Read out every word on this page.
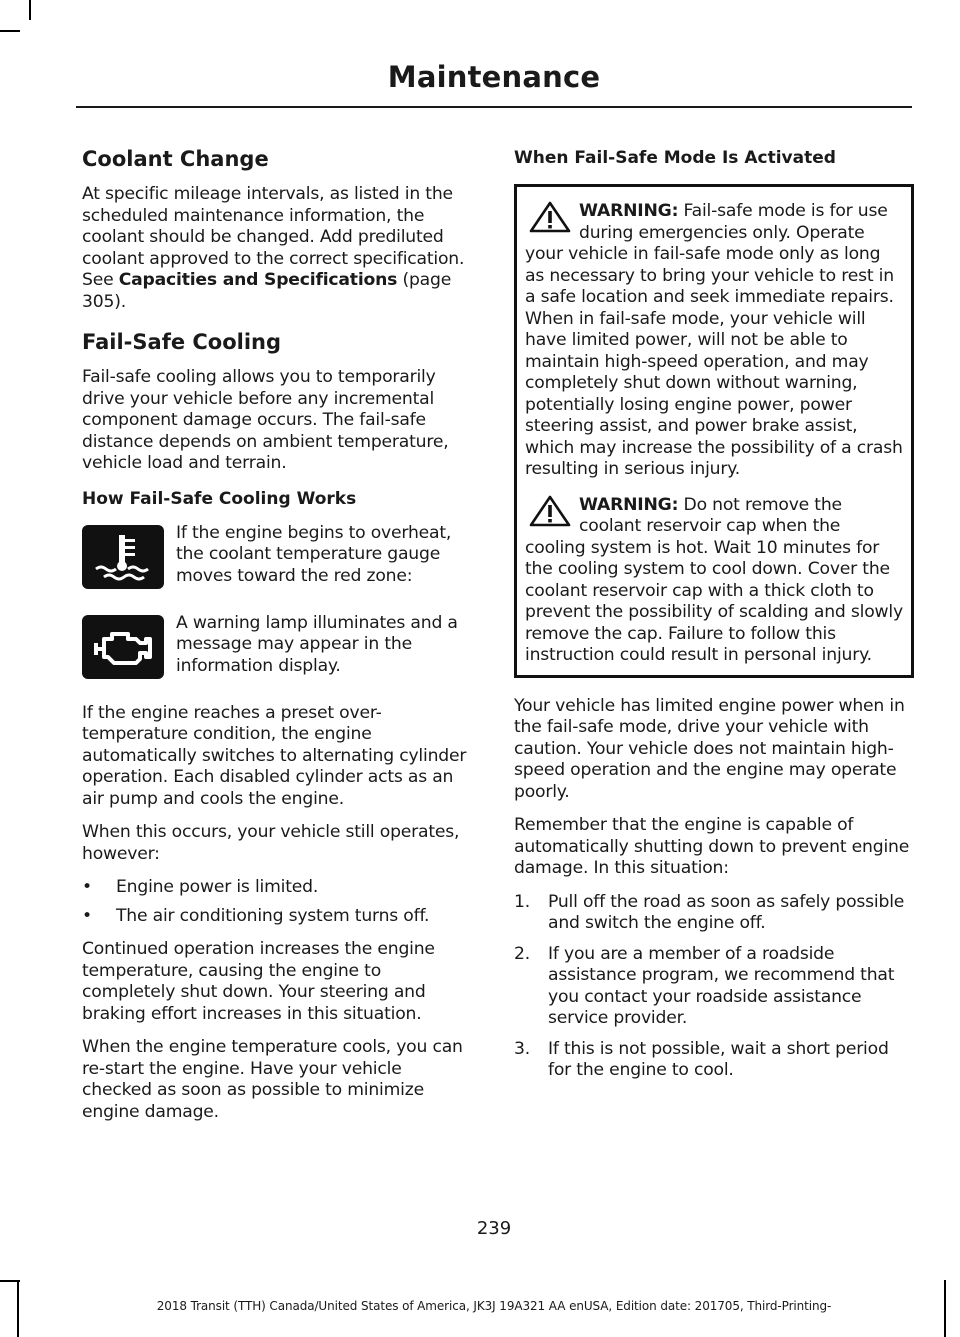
Maintenance
Coolant Change

At specific mileage intervals, as listed in the scheduled maintenance information, the coolant should be changed. Add prediluted coolant approved to the correct specification. See Capacities and Specifications (page 305).

Fail-Safe Cooling

Fail-safe cooling allows you to temporarily drive your vehicle before any incremental component damage occurs. The fail-safe distance depends on ambient temperature, vehicle load and terrain.

How Fail-Safe Cooling Works

If the engine begins to overheat, the coolant temperature gauge moves toward the red zone:

A warning lamp illuminates and a message may appear in the information display.

If the engine reaches a preset over-temperature condition, the engine automatically switches to alternating cylinder operation. Each disabled cylinder acts as an air pump and cools the engine.

When this occurs, your vehicle still operates, however:

• Engine power is limited.
• The air conditioning system turns off.

Continued operation increases the engine temperature, causing the engine to completely shut down. Your steering and braking effort increases in this situation.

When the engine temperature cools, you can re-start the engine. Have your vehicle checked as soon as possible to minimize engine damage.

When Fail-Safe Mode Is Activated

WARNING: Fail-safe mode is for use during emergencies only. Operate your vehicle in fail-safe mode only as long as necessary to bring your vehicle to rest in a safe location and seek immediate repairs. When in fail-safe mode, your vehicle will have limited power, will not be able to maintain high-speed operation, and may completely shut down without warning, potentially losing engine power, power steering assist, and power brake assist, which may increase the possibility of a crash resulting in serious injury.

WARNING: Do not remove the coolant reservoir cap when the cooling system is hot. Wait 10 minutes for the cooling system to cool down. Cover the coolant reservoir cap with a thick cloth to prevent the possibility of scalding and slowly remove the cap. Failure to follow this instruction could result in personal injury.

Your vehicle has limited engine power when in the fail-safe mode, drive your vehicle with caution. Your vehicle does not maintain high-speed operation and the engine may operate poorly.

Remember that the engine is capable of automatically shutting down to prevent engine damage. In this situation:

1. Pull off the road as soon as safely possible and switch the engine off.
2. If you are a member of a roadside assistance program, we recommend that you contact your roadside assistance service provider.
3. If this is not possible, wait a short period for the engine to cool.
239
2018 Transit (TTH) Canada/United States of America, JK3J 19A321 AA enUSA, Edition date: 201705, Third-Printing-
